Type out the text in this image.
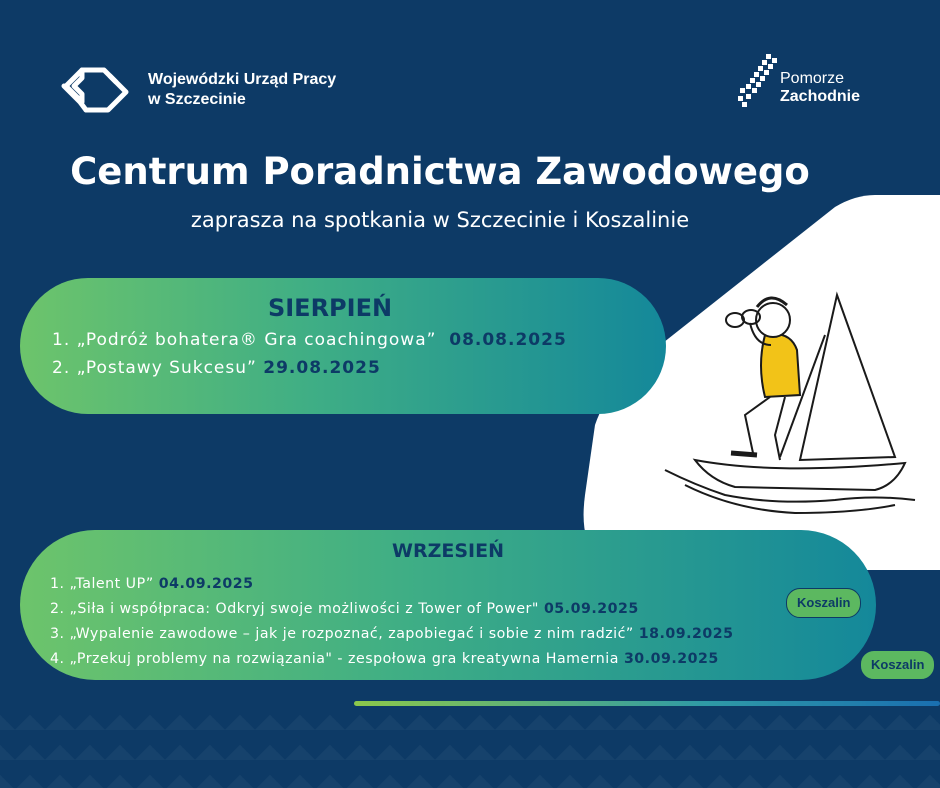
Wojewódzki Urząd Pracy
w Szczecinie
Pomorze
Zachodnie
Centrum Poradnictwa Zawodowego
zaprasza na spotkania w Szczecinie i Koszalinie
SIERPIEŃ
1. „Podróż bohatera® Gra coachingowa” 08.08.2025
2. „Postawy Sukcesu” 29.08.2025
WRZESIEŃ
1. „Talent UP” 04.09.2025
2. „Siła i współpraca: Odkryj swoje możliwości z Tower of Power" 05.09.2025
3. „Wypalenie zawodowe – jak je rozpoznać, zapobiegać i sobie z nim radzić” 18.09.2025
4. „Przekuj problemy na rozwiązania" - zespołowa gra kreatywna Hamernia 30.09.2025
Koszalin
Koszalin
